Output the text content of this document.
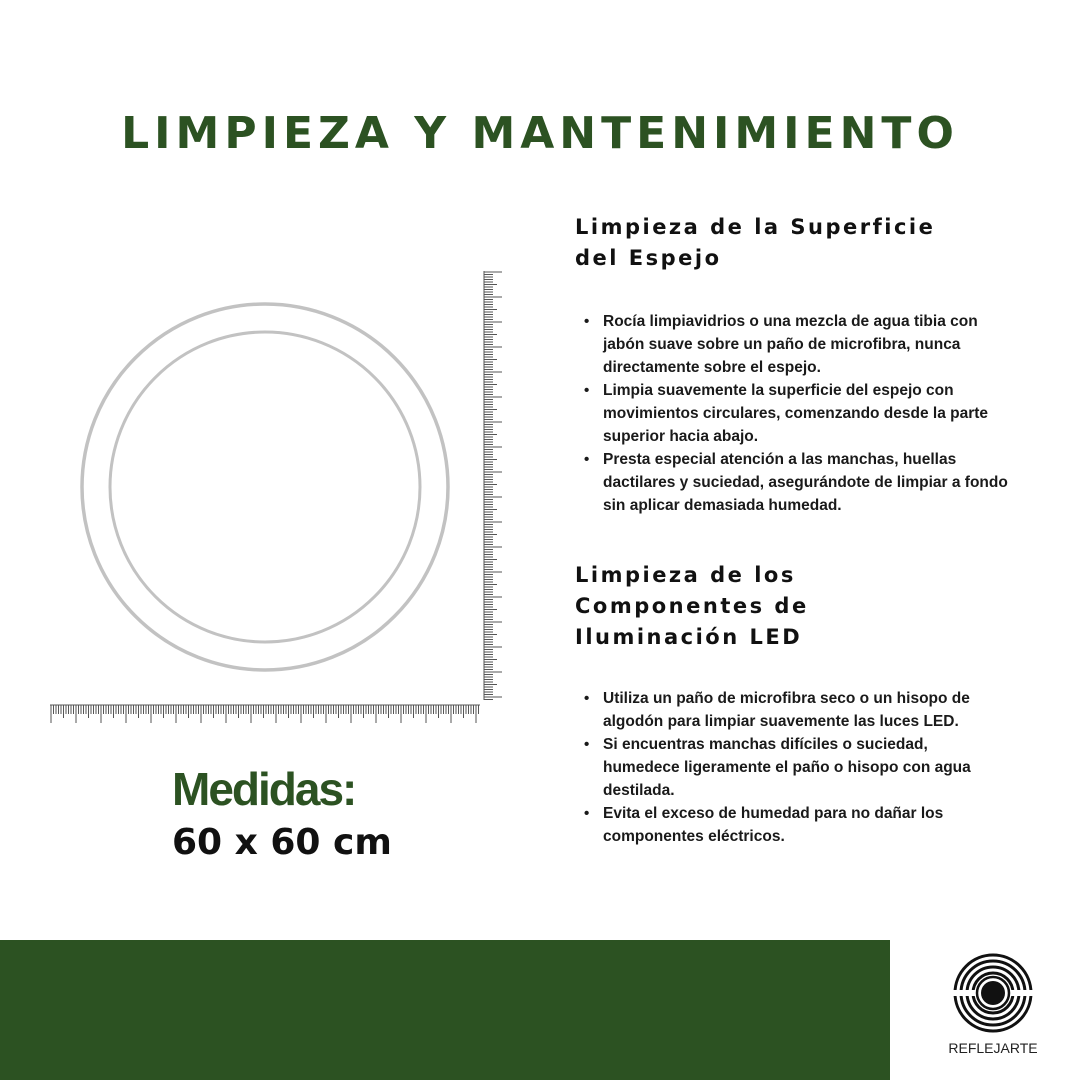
LIMPIEZA Y MANTENIMIENTO
Medidas:
60 x 60 cm
Limpieza de la Superficie
del Espejo
• Rocía limpiavidrios o una mezcla de agua tibia con jabón suave sobre un paño de microfibra, nunca directamente sobre el espejo.
• Limpia suavemente la superficie del espejo con movimientos circulares, comenzando desde la parte superior hacia abajo.
• Presta especial atención a las manchas, huellas dactilares y suciedad, asegurándote de limpiar a fondo sin aplicar demasiada humedad.
Limpieza de los
Componentes de
Iluminación LED
• Utiliza un paño de microfibra seco o un hisopo de algodón para limpiar suavemente las luces LED.
• Si encuentras manchas difíciles o suciedad, humedece ligeramente el paño o hisopo con agua destilada.
• Evita el exceso de humedad para no dañar los componentes eléctricos.
REFLEJARTE
